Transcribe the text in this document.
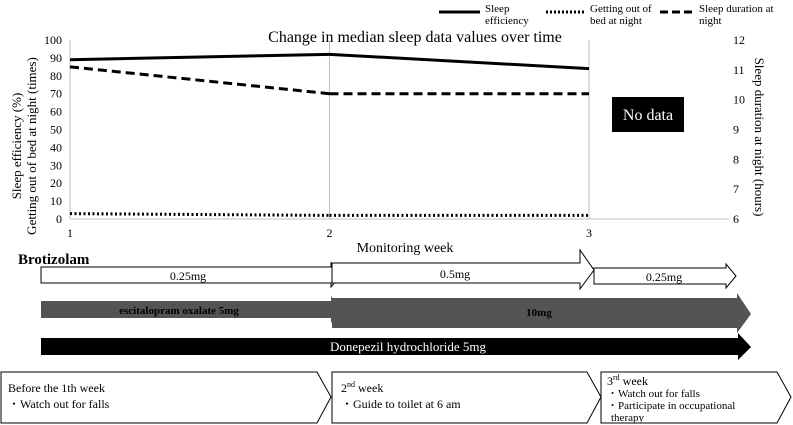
Sleep
efficiency
Getting out of
bed at night
Sleep duration at
night
Change in median sleep data values over time
0
10
20
30
40
50
60
70
80
90
100
6
7
8
9
10
11
12
1	2	3
Sleep efficiency (%) Getting out of bed at night (times)	Sleep duration at night (hours)
Monitoring week
No data
Brotizolam
0.25mg	0.5mg	0.25mg
escitalopram oxalate 5mg	10mg
Donepezil hydrochloride 5mg
Before the 1th week
・Watch out for falls
2nd week
・Guide to toilet at 6 am
3rd week
・Watch out for falls
・Participate in occupational
therapy
